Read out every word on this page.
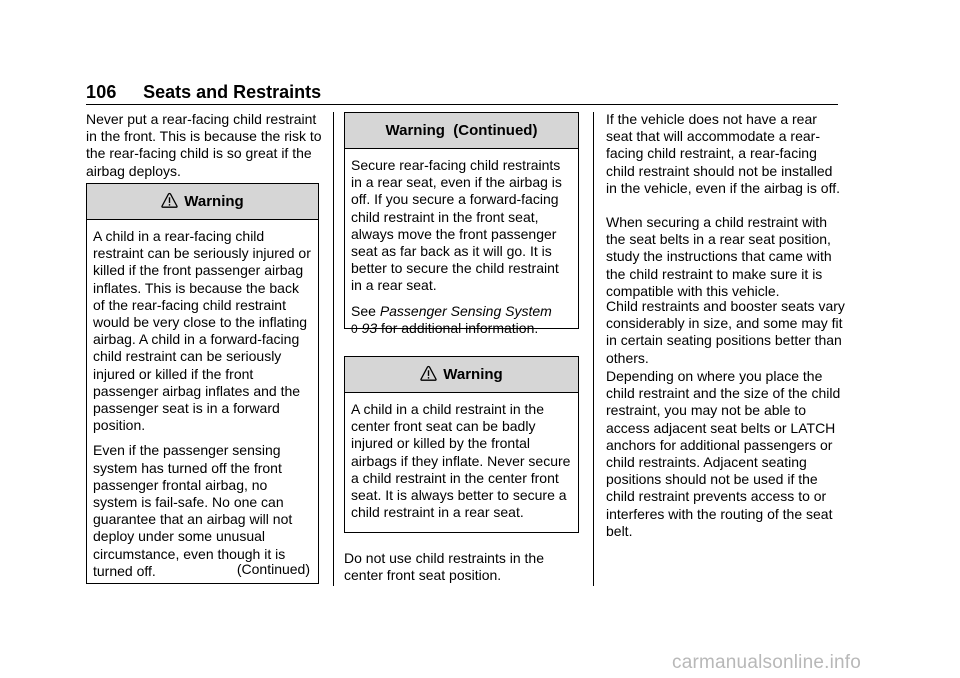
106 Seats and Restraints

Never put a rear-facing child restraint in the front. This is because the risk to the rear-facing child is so great if the airbag deploys.

Warning

A child in a rear-facing child restraint can be seriously injured or killed if the front passenger airbag inflates. This is because the back of the rear-facing child restraint would be very close to the inflating airbag. A child in a forward-facing child restraint can be seriously injured or killed if the front passenger airbag inflates and the passenger seat is in a forward position.

Even if the passenger sensing system has turned off the front passenger frontal airbag, no system is fail-safe. No one can guarantee that an airbag will not deploy under some unusual circumstance, even though it is turned off.	(Continued)
Warning  (Continued)

Secure rear-facing child restraints in a rear seat, even if the airbag is off. If you secure a forward-facing child restraint in the front seat, always move the front passenger seat as far back as it will go. It is better to secure the child restraint in a rear seat.

See Passenger Sensing System
0 93 for additional information.

Warning

A child in a child restraint in the center front seat can be badly injured or killed by the frontal airbags if they inflate. Never secure a child restraint in the center front seat. It is always better to secure a child restraint in a rear seat.

Do not use child restraints in the center front seat position.

If the vehicle does not have a rear seat that will accommodate a rear-facing child restraint, a rear-facing child restraint should not be installed in the vehicle, even if the airbag is off.

When securing a child restraint with the seat belts in a rear seat position, study the instructions that came with the child restraint to make sure it is compatible with this vehicle.

Child restraints and booster seats vary considerably in size, and some may fit in certain seating positions better than others.

Depending on where you place the child restraint and the size of the child restraint, you may not be able to access adjacent seat belts or LATCH anchors for additional passengers or child restraints. Adjacent seating positions should not be used if the child restraint prevents access to or interferes with the routing of the seat belt.

carmanualsonline.info
